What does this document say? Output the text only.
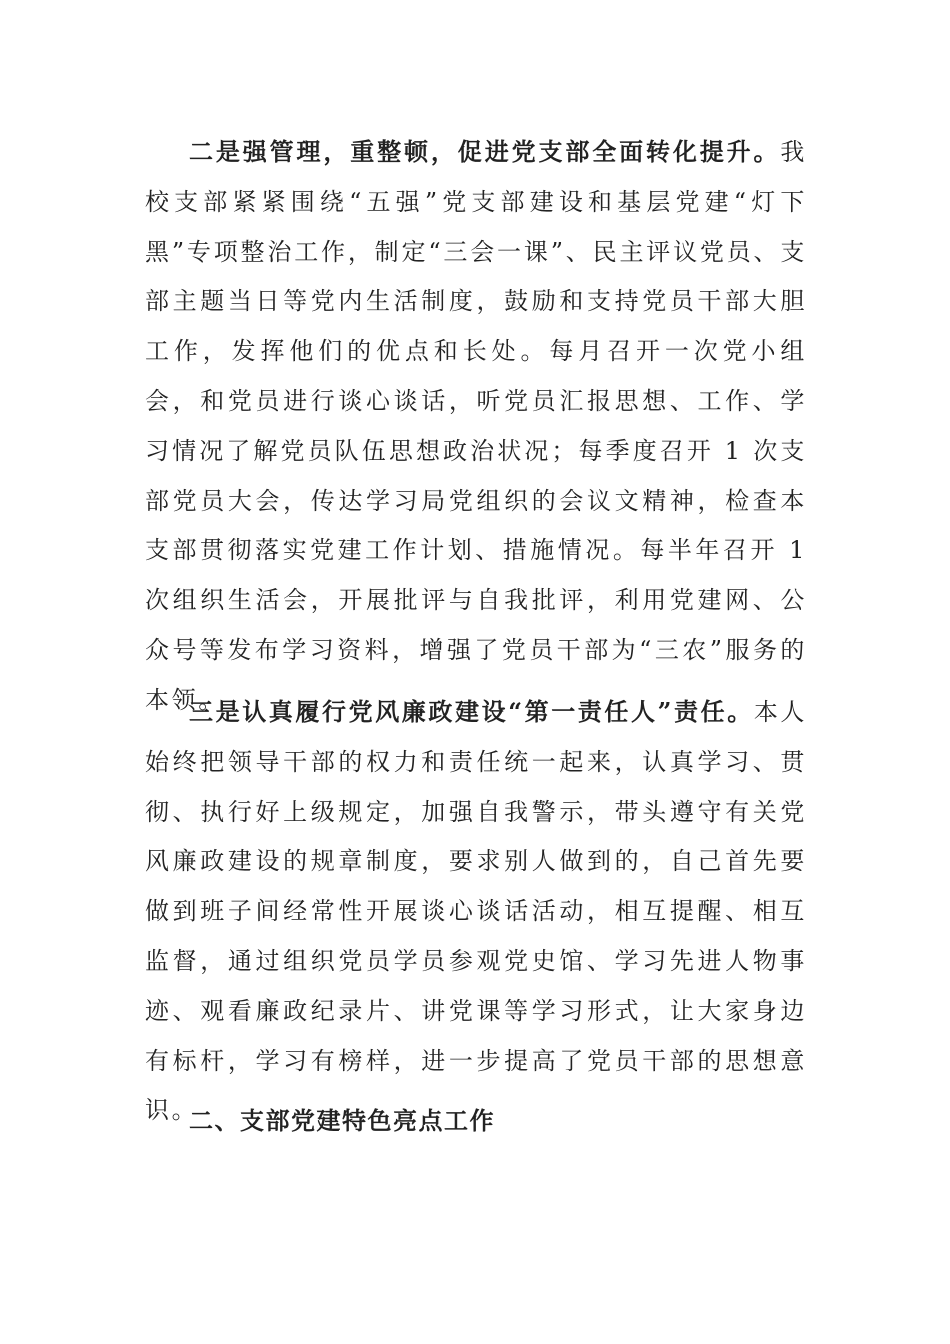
二是强管理，重整顿，促进党支部全面转化提升。我校支部紧紧围绕“五强”党支部建设和基层党建“灯下黑”专项整治工作，制定“三会一课”、民主评议党员、支部主题当日等党内生活制度，鼓励和支持党员干部大胆工作，发挥他们的优点和长处。每月召开一次党小组会，和党员进行谈心谈话，听党员汇报思想、工作、学习情况了解党员队伍思想政治状况；每季度召开 1 次支部党员大会，传达学习局党组织的会议文精神，检查本支部贯彻落实党建工作计划、措施情况。每半年召开 1 次组织生活会，开展批评与自我批评，利用党建网、公众号等发布学习资料，增强了党员干部为“三农”服务的本领。

三是认真履行党风廉政建设“第一责任人”责任。本人始终把领导干部的权力和责任统一起来，认真学习、贯彻、执行好上级规定，加强自我警示，带头遵守有关党风廉政建设的规章制度，要求别人做到的，自己首先要做到班子间经常性开展谈心谈话活动，相互提醒、相互监督，通过组织党员学员参观党史馆、学习先进人物事迹、观看廉政纪录片、讲党课等学习形式，让大家身边有标杆，学习有榜样，进一步提高了党员干部的思想意识。

二、支部党建特色亮点工作
